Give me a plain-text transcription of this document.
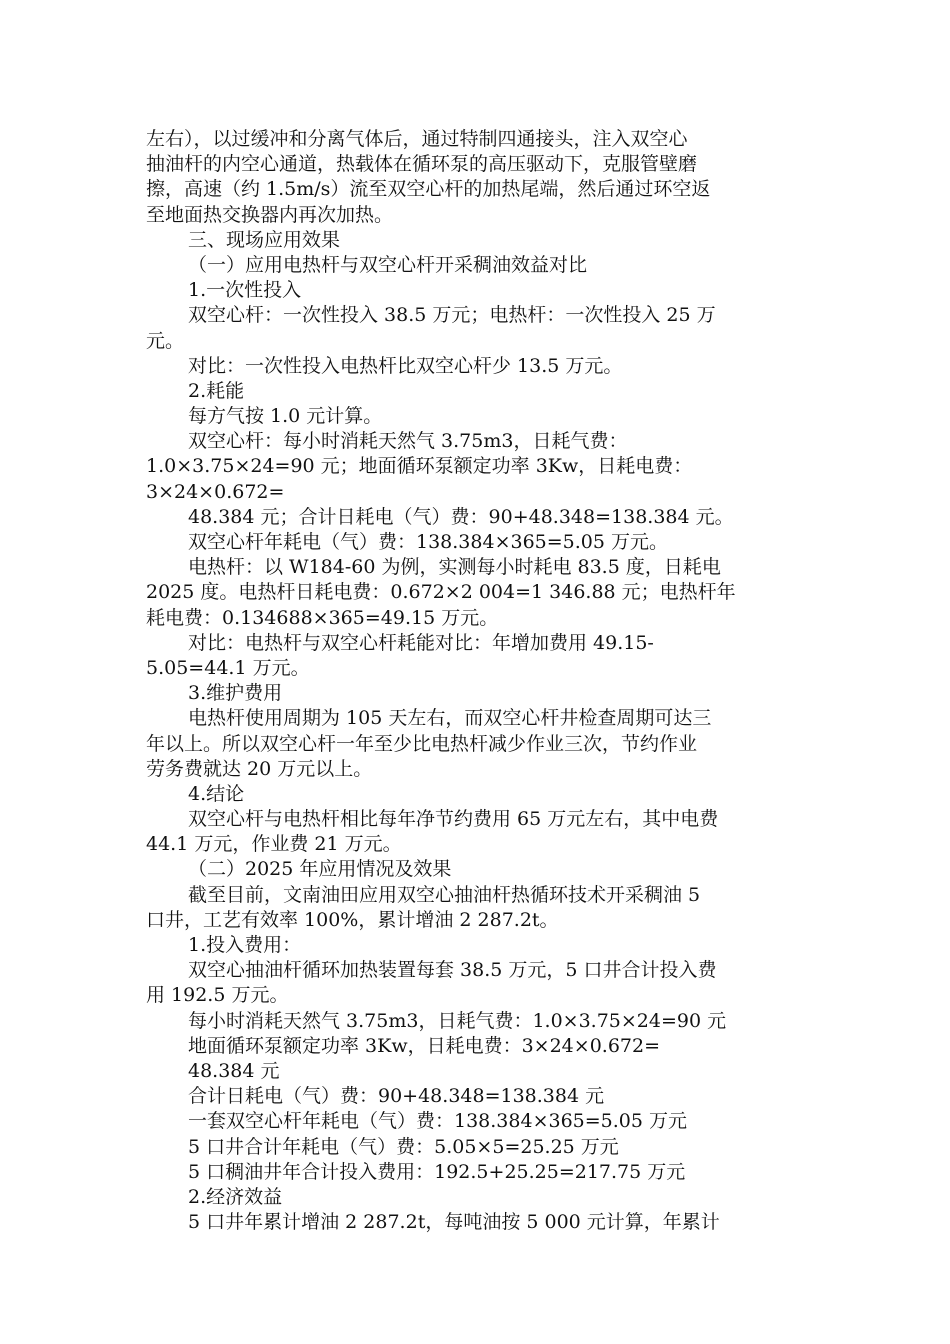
左右），以过缓冲和分离气体后，通过特制四通接头，注入双空心
抽油杆的内空心通道，热载体在循环泵的高压驱动下，克服管壁磨
擦，高速（约 1.5m/s）流至双空心杆的加热尾端，然后通过环空返
至地面热交换器内再次加热。
三、现场应用效果
（一）应用电热杆与双空心杆开采稠油效益对比
1.一次性投入
双空心杆：一次性投入 38.5 万元；电热杆：一次性投入 25 万
元。
对比：一次性投入电热杆比双空心杆少 13.5 万元。
2.耗能
每方气按 1.0 元计算。
双空心杆：每小时消耗天然气 3.75m3，日耗气费：
1.0×3.75×24=90 元；地面循环泵额定功率 3Kw，日耗电费：
3×24×0.672=
48.384 元；合计日耗电（气）费：90+48.348=138.384 元。
双空心杆年耗电（气）费：138.384×365=5.05 万元。
电热杆：以 W184-60 为例，实测每小时耗电 83.5 度，日耗电
2025 度。电热杆日耗电费：0.672×2 004=1 346.88 元；电热杆年
耗电费：0.134688×365=49.15 万元。
对比：电热杆与双空心杆耗能对比：年增加费用 49.15-
5.05=44.1 万元。
3.维护费用
电热杆使用周期为 105 天左右，而双空心杆井检查周期可达三
年以上。所以双空心杆一年至少比电热杆减少作业三次，节约作业
劳务费就达 20 万元以上。
4.结论
双空心杆与电热杆相比每年净节约费用 65 万元左右，其中电费
44.1 万元，作业费 21 万元。
（二）2025 年应用情况及效果
截至目前，文南油田应用双空心抽油杆热循环技术开采稠油 5
口井，工艺有效率 100%，累计增油 2 287.2t。
1.投入费用：
双空心抽油杆循环加热装置每套 38.5 万元，5 口井合计投入费
用 192.5 万元。
每小时消耗天然气 3.75m3，日耗气费：1.0×3.75×24=90 元
地面循环泵额定功率 3Kw，日耗电费：3×24×0.672=
48.384 元
合计日耗电（气）费：90+48.348=138.384 元
一套双空心杆年耗电（气）费：138.384×365=5.05 万元
5 口井合计年耗电（气）费：5.05×5=25.25 万元
5 口稠油井年合计投入费用：192.5+25.25=217.75 万元
2.经济效益
5 口井年累计增油 2 287.2t，每吨油按 5 000 元计算，年累计
